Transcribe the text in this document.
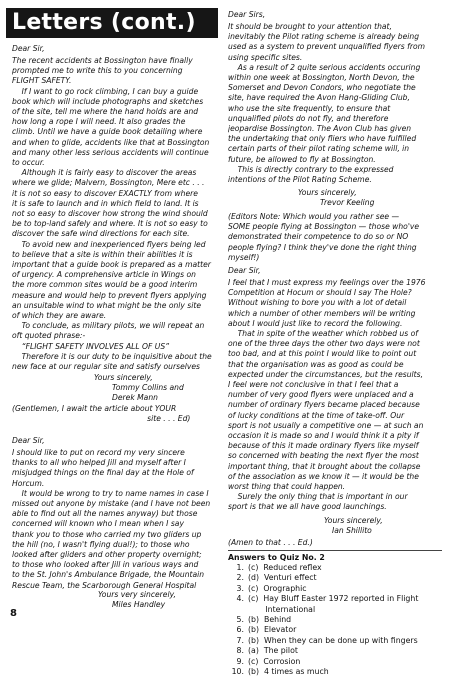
Letters (cont.)
Dear Sir,
The recent accidents at Bossington have finally
prompted me to write this to you concerning
FLIGHT SAFETY.
If I want to go rock climbing, I can buy a guide
book which will include photographs and sketches
of the site, tell me where the hand holds are and
how long a rope I will need. It also grades the
climb. Until we have a guide book detailing where
and when to glide, accidents like that at Bossington
and many other less serious accidents will continue
to occur.
Although it is fairly easy to discover the areas
where we glide; Malvern, Bossington, Mere etc . . .
it is not so easy to discover EXACTLY from where
it is safe to launch and in which field to land. It is
not so easy to discover how strong the wind should
be to top-land safely and where. It is not so easy to
discover the safe wind directions for each site.
To avoid new and inexperienced flyers being led
to believe that a site is within their abilities it is
important that a guide book is prepared as a matter
of urgency. A comprehensive article in Wings on
the more common sites would be a good interim
measure and would help to prevent flyers applying
an unsuitable wind to what might be the only site
of which they are aware.
To conclude, as military pilots, we will repeat an
oft quoted phrase:-
“FLIGHT SAFETY INVOLVES ALL OF US”
Therefore it is our duty to be inquisitive about the
new face at our regular site and satisfy ourselves

Yours sincerely,
Tommy Collins and
Derek Mann
(Gentlemen, I await the article about YOUR
site . . . Ed)
Dear Sir,
I should like to put on record my very sincere
thanks to all who helped Jill and myself after I
misjudged things on the final day at the Hole of
Horcum.
It would be wrong to try to name names in case I
missed out anyone by mistake (and I have not been
able to find out all the names anyway) but those
concerned will known who I mean when I say
thank you to those who carried my two gliders up
the hill (no, I wasn't flying dual!); to those who
looked after gliders and other property overnight;
to those who looked after Jill in various ways and
to the St. John's Ambulance Brigade, the Mountain
Rescue Team, the Scarborough General Hospital

Yours very sincerely,
Miles Handley
Dear Sirs,
It should be brought to your attention that,
inevitably the Pilot rating scheme is already being
used as a system to prevent unqualified flyers from
using specific sites.
As a result of 2 quite serious accidents occuring
within one week at Bossington, North Devon, the
Somerset and Devon Condors, who negotiate the
site, have required the Avon Hang-Gliding Club,
who use the site frequently, to ensure that
unqualified pilots do not fly, and therefore
jeopardise Bossington. The Avon Club has given
the undertaking that only fliers who have fulfilled
certain parts of their pilot rating scheme will, in
future, be allowed to fly at Bossington.
This is directly contrary to the expressed
intentions of the Pilot Rating Scheme.
Yours sincerely,
Trevor Keeling
(Editors Note: Which would you rather see —
SOME people flying at Bossington — those who've
demonstrated their competence to do so or NO
people flying? I think they've done the right thing
myself!)
Dear Sir,
I feel that I must express my feelings over the 1976
Competition at Hocum or should I say The Hole?
Without wishing to bore you with a lot of detail
which a number of other members will be writing
about I would just like to record the following.
That in spite of the weather which robbed us of
one of the three days the other two days were not
too bad, and at this point I would like to point out
that the organisation was as good as could be
expected under the circumstances, but the results,
I feel were not conclusive in that I feel that a
number of very good flyers were unplaced and a
number of ordinary flyers became placed because
of lucky conditions at the time of take-off. Our
sport is not usually a competitive one — at such an
occasion it is made so and I would think it a pity if
because of this it made ordinary flyers like myself
so concerned with beating the next flyer the most
important thing, that it brought about the collapse
of the association as we know it — it would be the
worst thing that could happen.
Surely the only thing that is important in our
sport is that we all have good launchings.
Yours sincerely,
Ian Shillito
(Amen to that . . . Ed.)
Answers to Quiz No. 2
1. (c)  Reduced reflex
2. (d)  Venturi effect
3. (c)  Orographic
4. (c)  Hay Bluff Easter 1972 reported in Flight
International
5. (b)  Behind
6. (b)  Elevator
7. (b)  When they can be done up with fingers
8. (a)  The pilot
9. (c)  Corrosion
10. (b)  4 times as much
8
